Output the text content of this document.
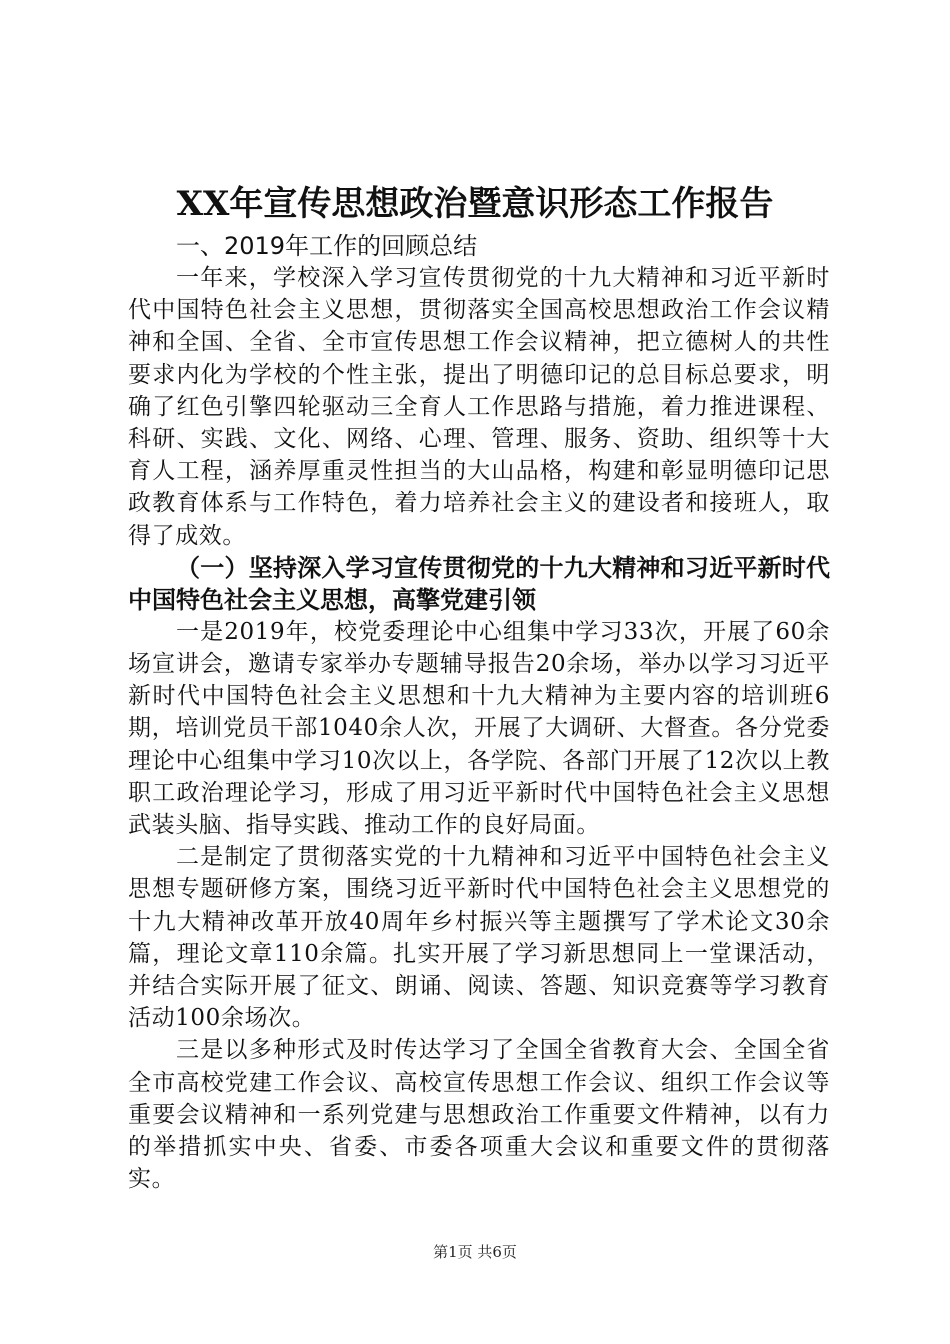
XX年宣传思想政治暨意识形态工作报告

一、2019年工作的回顾总结

一年来，学校深入学习宣传贯彻党的十九大精神和习近平新时代中国特色社会主义思想，贯彻落实全国高校思想政治工作会议精神和全国、全省、全市宣传思想工作会议精神，把立德树人的共性要求内化为学校的个性主张，提出了明德印记的总目标总要求，明确了红色引擎四轮驱动三全育人工作思路与措施，着力推进课程、科研、实践、文化、网络、心理、管理、服务、资助、组织等十大育人工程，涵养厚重灵性担当的大山品格，构建和彰显明德印记思政教育体系与工作特色，着力培养社会主义的建设者和接班人，取得了成效。

（一）坚持深入学习宣传贯彻党的十九大精神和习近平新时代中国特色社会主义思想，高擎党建引领

一是2019年，校党委理论中心组集中学习33次，开展了60余场宣讲会，邀请专家举办专题辅导报告20余场，举办以学习习近平新时代中国特色社会主义思想和十九大精神为主要内容的培训班6期，培训党员干部1040余人次，开展了大调研、大督查。各分党委理论中心组集中学习10次以上，各学院、各部门开展了12次以上教职工政治理论学习，形成了用习近平新时代中国特色社会主义思想武装头脑、指导实践、推动工作的良好局面。

二是制定了贯彻落实党的十九精神和习近平中国特色社会主义思想专题研修方案，围绕习近平新时代中国特色社会主义思想党的十九大精神改革开放40周年乡村振兴等主题撰写了学术论文30余篇，理论文章110余篇。扎实开展了学习新思想同上一堂课活动，并结合实际开展了征文、朗诵、阅读、答题、知识竞赛等学习教育活动100余场次。

三是以多种形式及时传达学习了全国全省教育大会、全国全省全市高校党建工作会议、高校宣传思想工作会议、组织工作会议等重要会议精神和一系列党建与思想政治工作重要文件精神，以有力的举措抓实中央、省委、市委各项重大会议和重要文件的贯彻落实。

第1页 共6页
